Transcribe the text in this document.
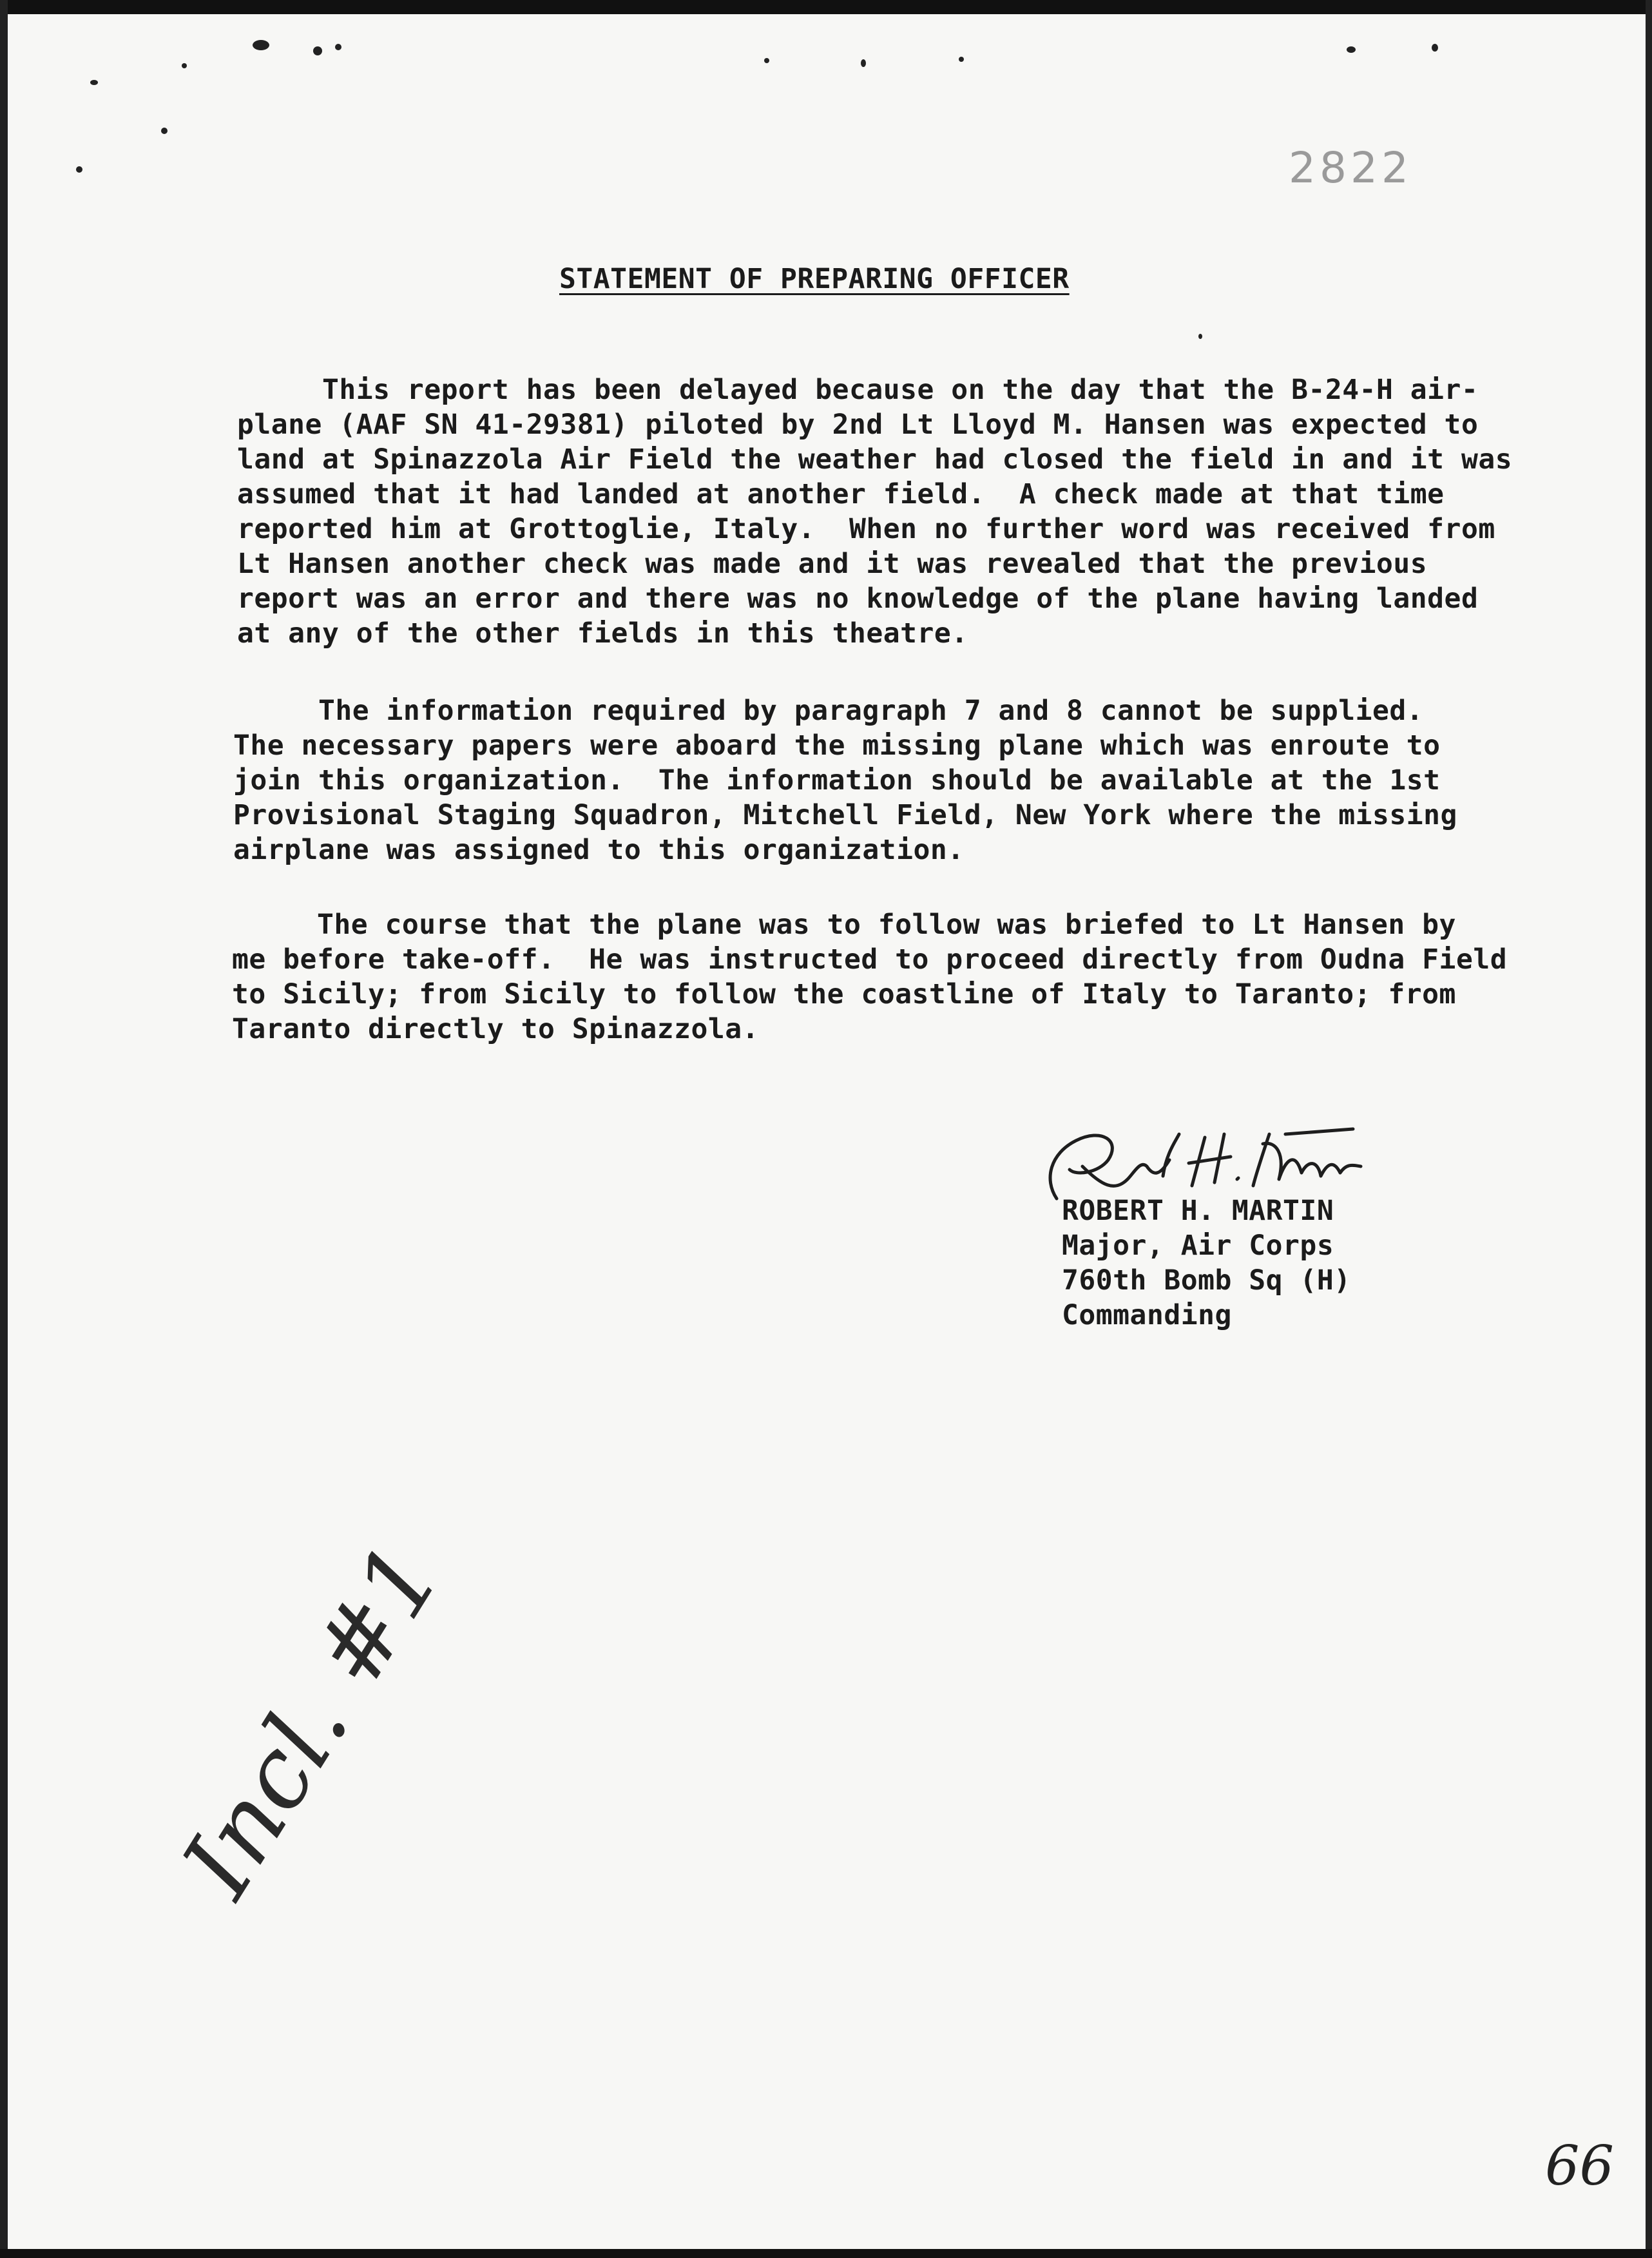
2822
STATEMENT OF PREPARING OFFICER
This report has been delayed because on the day that the B-24-H air-
plane (AAF SN 41-29381) piloted by 2nd Lt Lloyd M. Hansen was expected to
land at Spinazzola Air Field the weather had closed the field in and it was
assumed that it had landed at another field.  A check made at that time
reported him at Grottoglie, Italy.  When no further word was received from
Lt Hansen another check was made and it was revealed that the previous
report was an error and there was no knowledge of the plane having landed
at any of the other fields in this theatre.
The information required by paragraph 7 and 8 cannot be supplied.
The necessary papers were aboard the missing plane which was enroute to
join this organization.  The information should be available at the 1st
Provisional Staging Squadron, Mitchell Field, New York where the missing
airplane was assigned to this organization.
The course that the plane was to follow was briefed to Lt Hansen by
me before take-off.  He was instructed to proceed directly from Oudna Field
to Sicily; from Sicily to follow the coastline of Italy to Taranto; from
Taranto directly to Spinazzola.
ROBERT H. MARTIN
Major, Air Corps
760th Bomb Sq (H)
Commanding
Incl. #1
66
